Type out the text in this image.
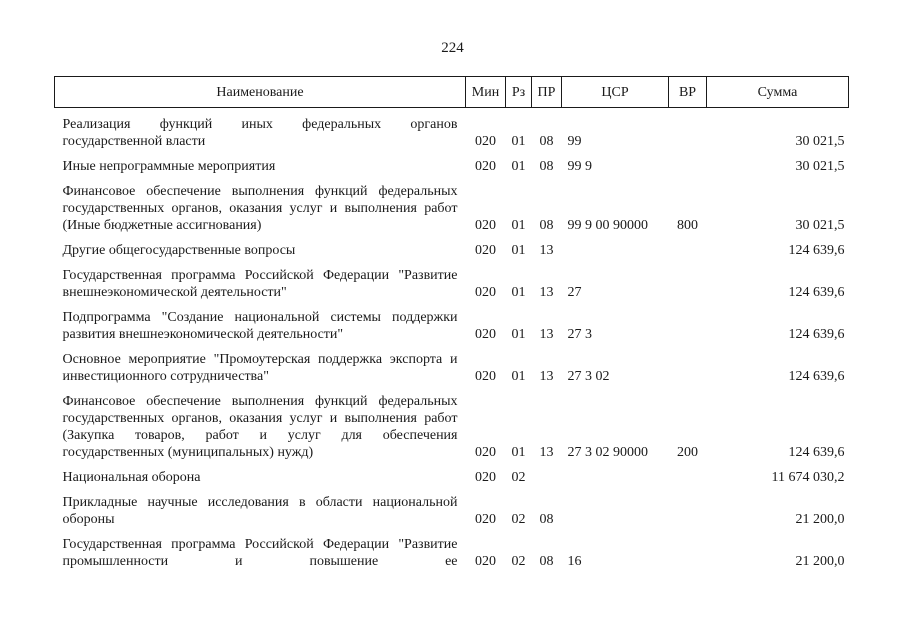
224
Наименование	Мин	Рз	ПР	ЦСР	ВР	Сумма

Реализация функций иных федеральных органов государственной власти	020	01	08	99		30 021,5

Иные непрограммные мероприятия	020	01	08	99 9		30 021,5

Финансовое обеспечение выполнения функций федеральных государственных органов, оказания услуг и выполнения работ (Иные бюджетные ассигнования)	020	01	08	99 9 00 90000	800	30 021,5

Другие общегосударственные вопросы	020	01	13			124 639,6

Государственная программа Российской Федерации "Развитие внешнеэкономической деятельности"	020	01	13	27		124 639,6

Подпрограмма "Создание национальной системы поддержки развития внешнеэкономической деятельности"	020	01	13	27 3		124 639,6

Основное мероприятие "Промоутерская поддержка экспорта и инвестиционного сотрудничества"	020	01	13	27 3 02		124 639,6

Финансовое обеспечение выполнения функций федеральных государственных органов, оказания услуг и выполнения работ (Закупка товаров, работ и услуг для обеспечения государственных (муниципальных) нужд)	020	01	13	27 3 02 90000	200	124 639,6

Национальная оборона	020	02				11 674 030,2

Прикладные научные исследования в области национальной обороны	020	02	08			21 200,0

Государственная программа Российской Федерации "Развитие промышленности и повышение ее	020	02	08	16		21 200,0
